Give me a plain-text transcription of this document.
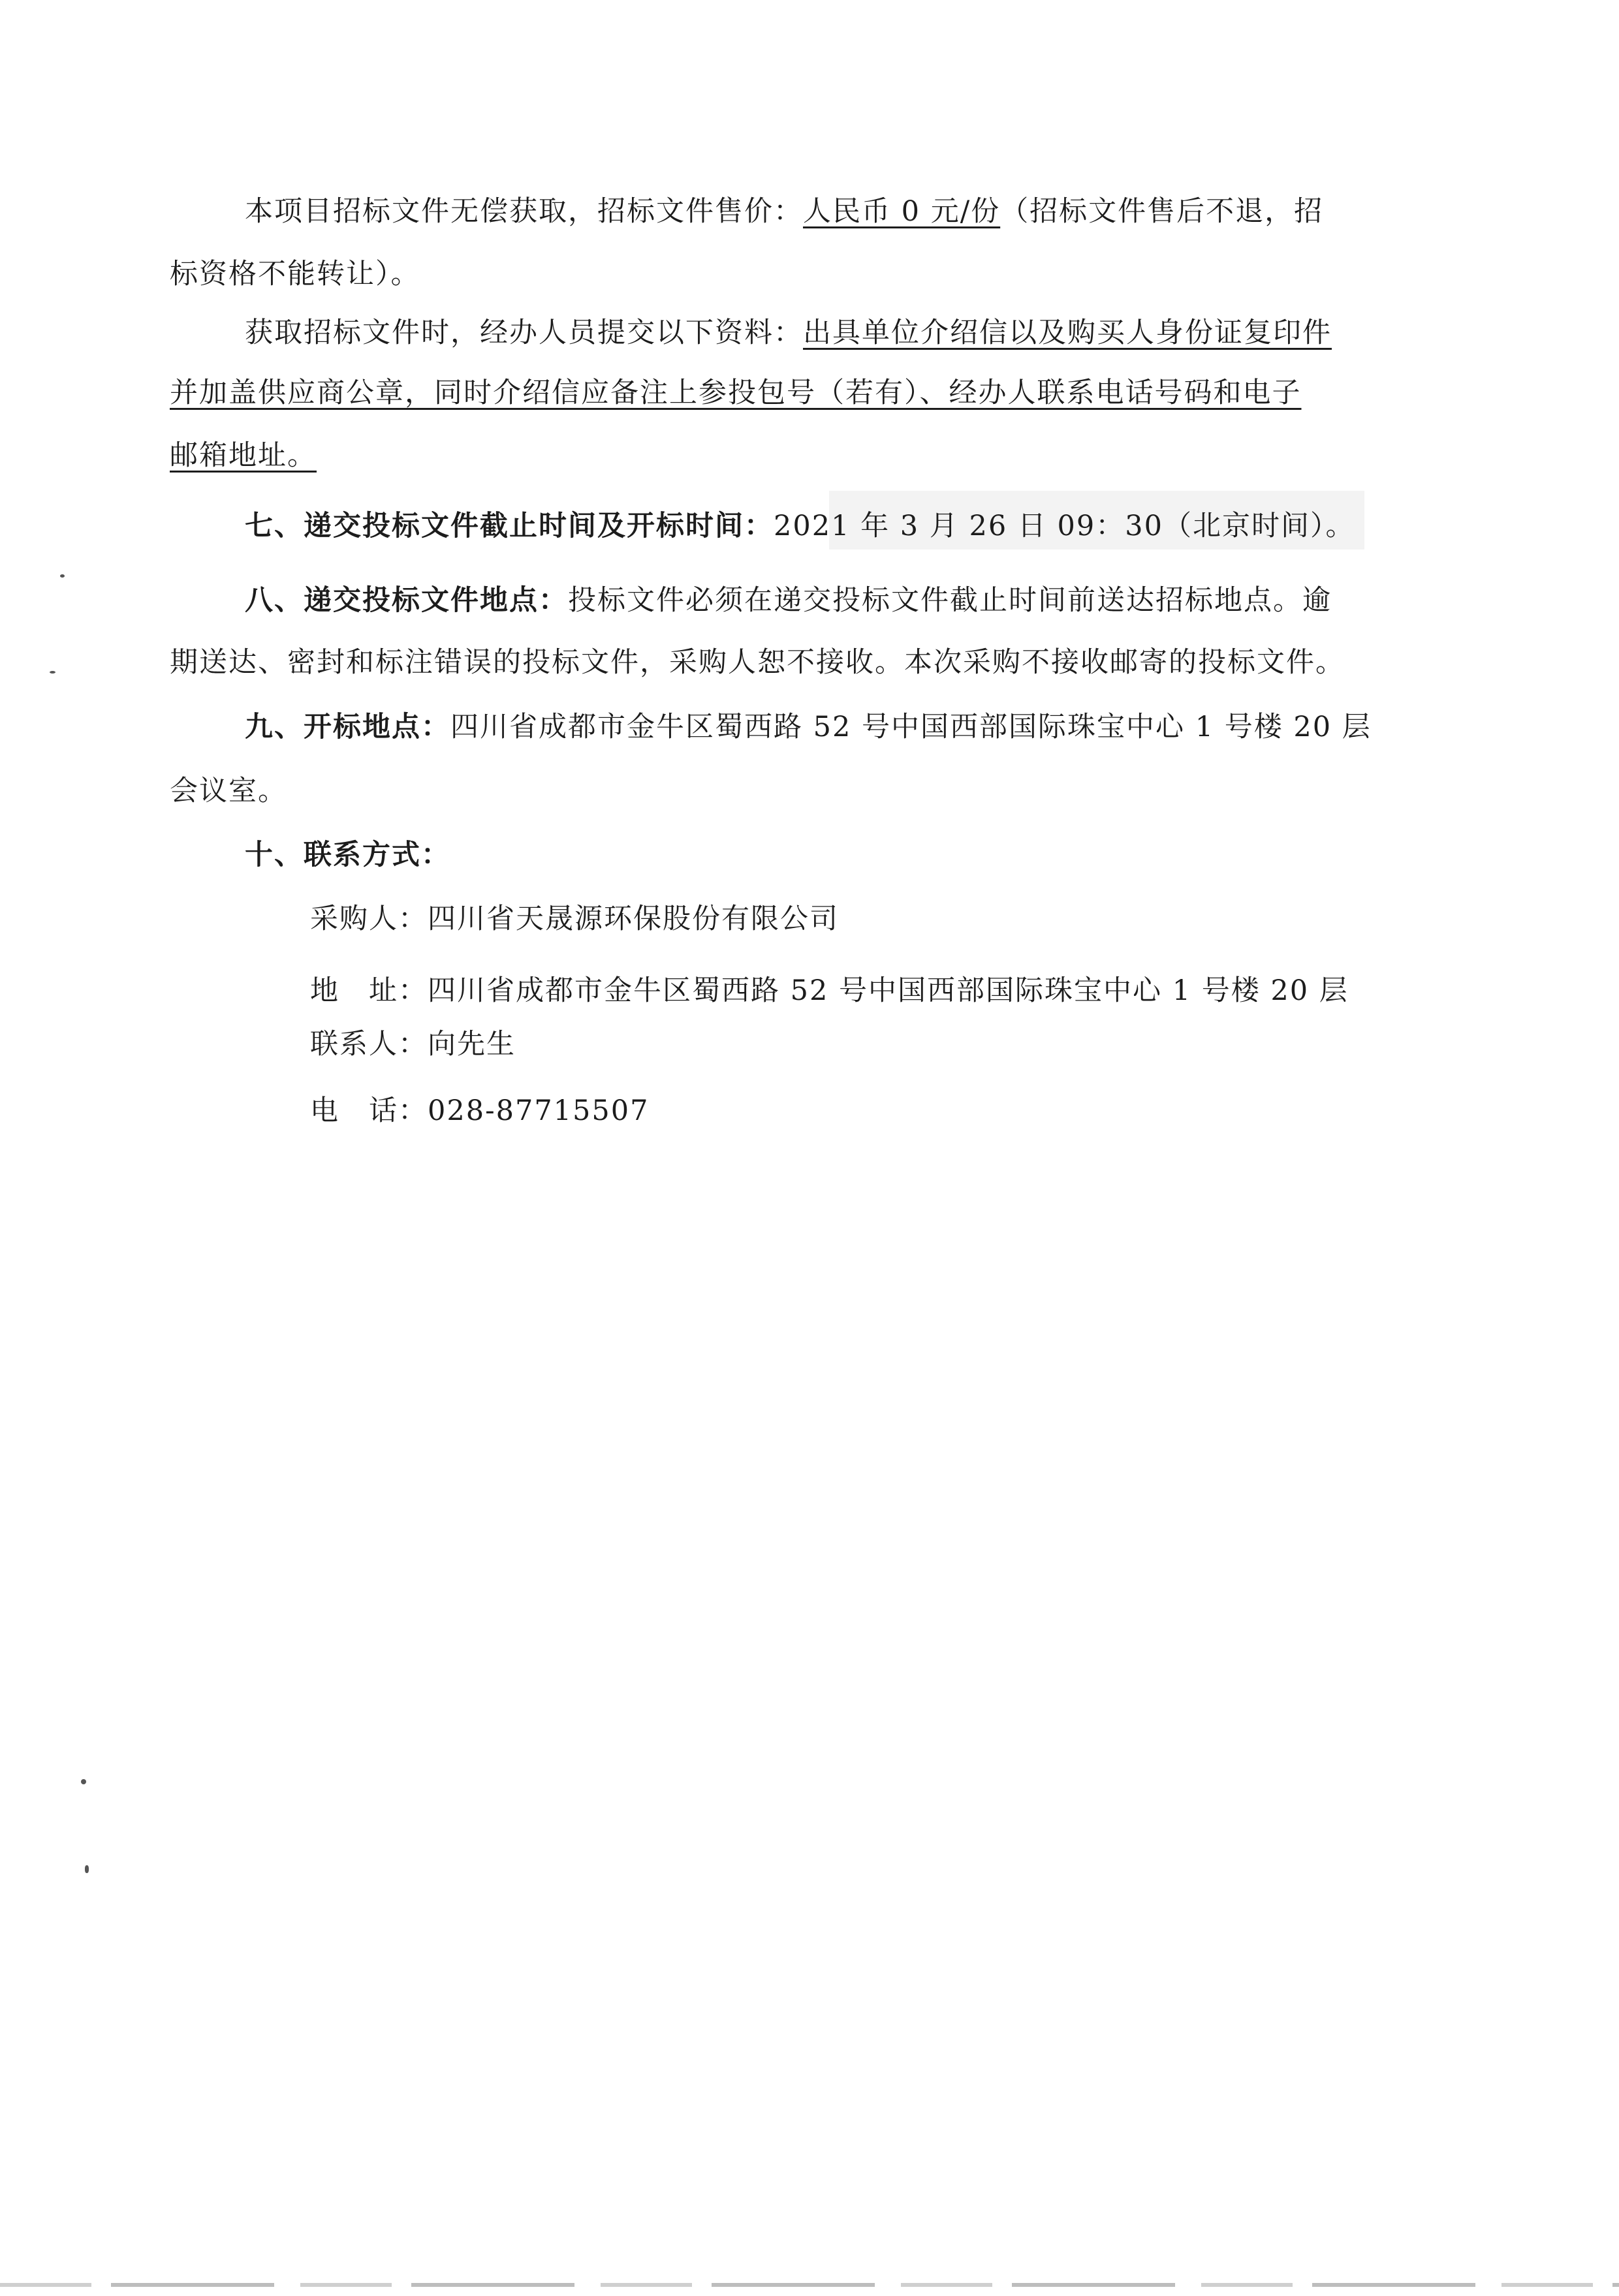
本项目招标文件无偿获取，招标文件售价：人民币 0 元/份（招标文件售后不退，招
标资格不能转让）。
获取招标文件时，经办人员提交以下资料：出具单位介绍信以及购买人身份证复印件
并加盖供应商公章，同时介绍信应备注上参投包号（若有）、经办人联系电话号码和电子
邮箱地址。
七、递交投标文件截止时间及开标时间：2021 年 3 月 26 日 09：30（北京时间）。
八、递交投标文件地点：投标文件必须在递交投标文件截止时间前送达招标地点。逾
期送达、密封和标注错误的投标文件，采购人恕不接收。本次采购不接收邮寄的投标文件。
九、开标地点：四川省成都市金牛区蜀西路 52 号中国西部国际珠宝中心 1 号楼 20 层
会议室。
十、联系方式：
采购人：四川省天晟源环保股份有限公司
地　址：四川省成都市金牛区蜀西路 52 号中国西部国际珠宝中心 1 号楼 20 层
联系人：向先生
电　话：028-87715507
